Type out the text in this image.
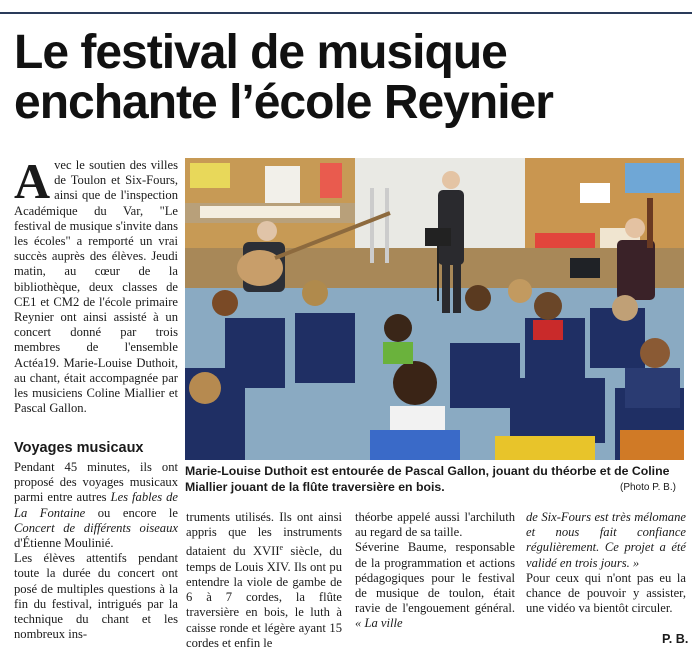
Le festival de musique
enchante l’école Reynier
Avec le soutien des villes de Toulon et Six-Fours, ainsi que de l'inspection Académique du Var, "Le festival de musique s'invite dans les écoles" a remporté un vrai succès auprès des élèves. Jeudi matin, au cœur de la bibliothèque, deux classes de CE1 et CM2 de l'école primaire Reynier ont ainsi assisté à un concert donné par trois membres de l'ensemble Actéa19. Marie-Louise Duthoit, au chant, était accompagnée par les musiciens Coline Miallier et Pascal Gallon.
Voyages musicaux
Pendant 45 minutes, ils ont proposé des voyages musicaux parmi entre autres Les fables de La Fontaine ou encore le Concert de différents oiseaux d'Étienne Moulinié.
Les élèves attentifs pendant toute la durée du concert ont posé de multiples questions à la fin du festival, intrigués par la technique du chant et les nombreux ins-
Marie-Louise Duthoit est entourée de Pascal Gallon, jouant du théorbe et de Coline Miallier jouant de la flûte traversière en bois.	(Photo P. B.)
truments utilisés. Ils ont ainsi appris que les instruments dataient du XVIIe siècle, du temps de Louis XIV. Ils ont pu entendre la viole de gambe de 6 à 7 cordes, la flûte traversière en bois, le luth à caisse ronde et légère ayant 15 cordes et enfin le
théorbe appelé aussi l'archiluth au regard de sa taille.
Séverine Baume, responsable de la programmation et actions pédagogiques pour le festival de musique de toulon, était ravie de l'engouement général. « La ville
de Six-Fours est très mélomane et nous fait confiance régulièrement. Ce projet a été validé en trois jours. »
Pour ceux qui n'ont pas eu la chance de pouvoir y assister, une vidéo va bientôt circuler.
P. B.
